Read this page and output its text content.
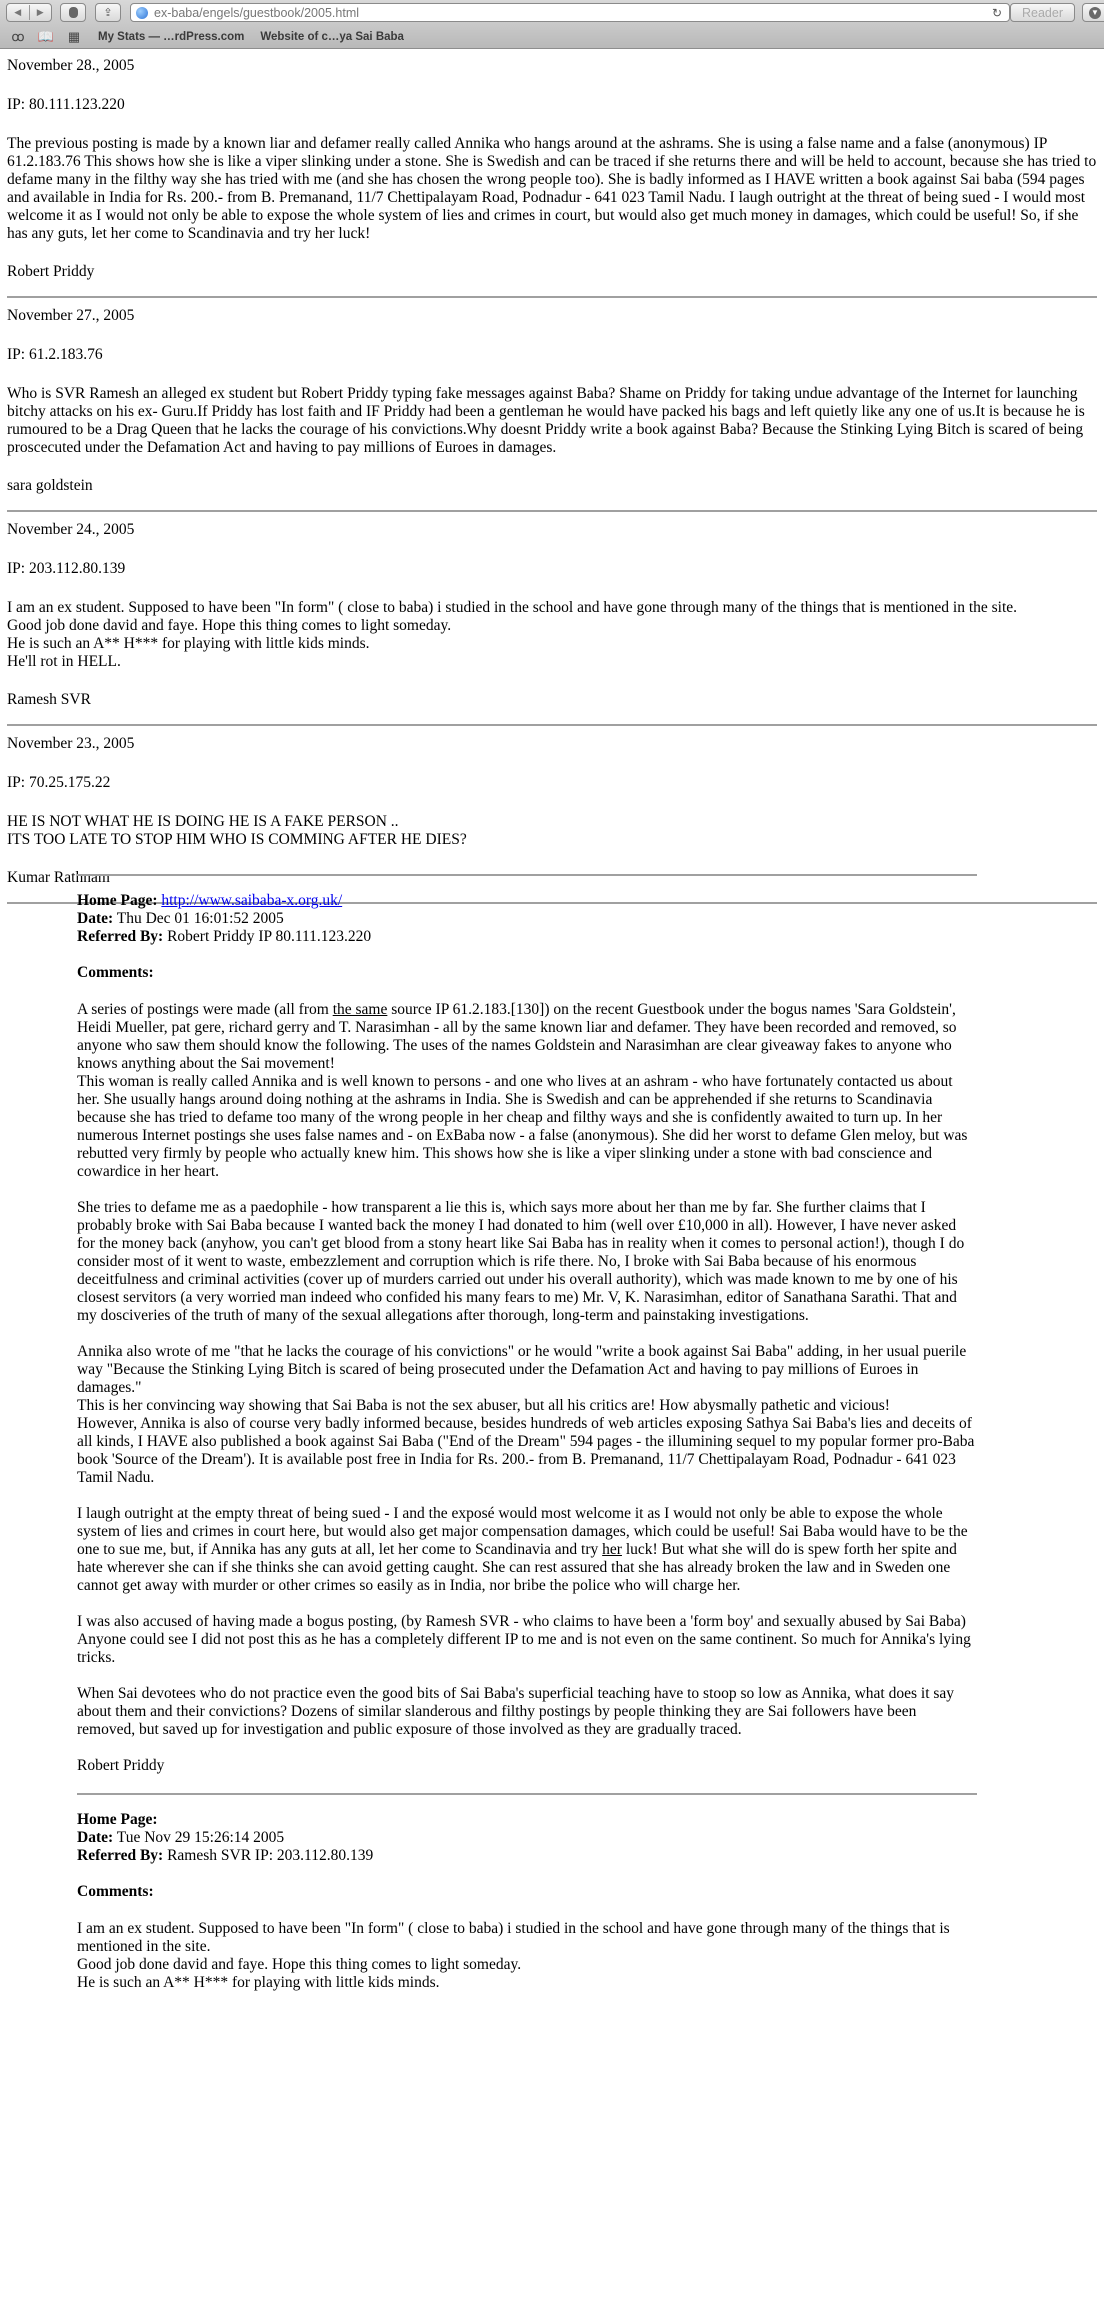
◀	▶	⇪	ex-baba/engels/guestbook/2005.html	↻	Reader	▼
ꝏ 📖 ▦	My Stats — …rdPress.com Website of c…ya Sai Baba

November 28., 2005

IP: 80.111.123.220

The previous posting is made by a known liar and defamer really called Annika who hangs around at the ashrams. She is using a false name and a false (anonymous) IP 61.2.183.76 This shows how she is like a viper slinking under a stone. She is Swedish and can be traced if she returns there and will be held to account, because she has tried to defame many in the filthy way she has tried with me (and she has chosen the wrong people too). She is badly informed as I HAVE written a book against Sai baba (594 pages and available in India for Rs. 200.- from B. Premanand, 11/7 Chettipalayam Road, Podnadur - 641 023 Tamil Nadu. I laugh outright at the threat of being sued - I would most welcome it as I would not only be able to expose the whole system of lies and crimes in court, but would also get much money in damages, which could be useful! So, if she has any guts, let her come to Scandinavia and try her luck!

Robert Priddy

November 27., 2005

IP: 61.2.183.76

Who is SVR Ramesh an alleged ex student but Robert Priddy typing fake messages against Baba? Shame on Priddy for taking undue advantage of the Internet for launching bitchy attacks on his ex- Guru.If Priddy has lost faith and IF Priddy had been a gentleman he would have packed his bags and left quietly like any one of us.It is because he is rumoured to be a Drag Queen that he lacks the courage of his convictions.Why doesnt Priddy write a book against Baba? Because the Stinking Lying Bitch is scared of being proscecuted under the Defamation Act and having to pay millions of Euroes in damages.

sara goldstein

November 24., 2005

IP: 203.112.80.139

I am an ex student. Supposed to have been "In form" ( close to baba) i studied in the school and have gone through many of the things that is mentioned in the site.
Good job done david and faye. Hope this thing comes to light someday.
He is such an A** H*** for playing with little kids minds.
He'll rot in HELL.

Ramesh SVR

November 23., 2005

IP: 70.25.175.22

HE IS NOT WHAT HE IS DOING HE IS A FAKE PERSON ..
ITS TOO LATE TO STOP HIM WHO IS COMMING AFTER HE DIES?

Kumar Rathnam

Home Page: http://www.saibaba-x.org.uk/
Date: Thu Dec 01 16:01:52 2005
Referred By: Robert Priddy IP 80.111.123.220
Comments:

A series of postings were made (all from the same source IP 61.2.183.[130]) on the recent Guestbook under the bogus names 'Sara Goldstein', Heidi Mueller, pat gere, richard gerry and T. Narasimhan - all by the same known liar and defamer. They have been recorded and removed, so anyone who saw them should know the following. The uses of the names Goldstein and Narasimhan are clear giveaway fakes to anyone who knows anything about the Sai movement!
This woman is really called Annika and is well known to persons - and one who lives at an ashram - who have fortunately contacted us about her. She usually hangs around doing nothing at the ashrams in India. She is Swedish and can be apprehended if she returns to Scandinavia because she has tried to defame too many of the wrong people in her cheap and filthy ways and she is confidently awaited to turn up. In her numerous Internet postings she uses false names and - on ExBaba now - a false (anonymous). She did her worst to defame Glen meloy, but was rebutted very firmly by people who actually knew him. This shows how she is like a viper slinking under a stone with bad conscience and cowardice in her heart.

She tries to defame me as a paedophile - how transparent a lie this is, which says more about her than me by far. She further claims that I probably broke with Sai Baba because I wanted back the money I had donated to him (well over £10,000 in all). However, I have never asked for the money back (anyhow, you can't get blood from a stony heart like Sai Baba has in reality when it comes to personal action!), though I do consider most of it went to waste, embezzlement and corruption which is rife there. No, I broke with Sai Baba because of his enormous deceitfulness and criminal activities (cover up of murders carried out under his overall authority), which was made known to me by one of his closest servitors (a very worried man indeed who confided his many fears to me) Mr. V, K. Narasimhan, editor of Sanathana Sarathi. That and my dosciveries of the truth of many of the sexual allegations after thorough, long-term and painstaking investigations.

Annika also wrote of me "that he lacks the courage of his convictions" or he would "write a book against Sai Baba" adding, in her usual puerile way "Because the Stinking Lying Bitch is scared of being prosecuted under the Defamation Act and having to pay millions of Euroes in damages."
This is her convincing way showing that Sai Baba is not the sex abuser, but all his critics are! How abysmally pathetic and vicious!
However, Annika is also of course very badly informed because, besides hundreds of web articles exposing Sathya Sai Baba's lies and deceits of all kinds, I HAVE also published a book against Sai Baba ("End of the Dream" 594 pages - the illumining sequel to my popular former pro-Baba book 'Source of the Dream'). It is available post free in India for Rs. 200.- from B. Premanand, 11/7 Chettipalayam Road, Podnadur - 641 023 Tamil Nadu.

I laugh outright at the empty threat of being sued - I and the exposé would most welcome it as I would not only be able to expose the whole system of lies and crimes in court here, but would also get major compensation damages, which could be useful! Sai Baba would have to be the one to sue me, but, if Annika has any guts at all, let her come to Scandinavia and try her luck! But what she will do is spew forth her spite and hate wherever she can if she thinks she can avoid getting caught. She can rest assured that she has already broken the law and in Sweden one cannot get away with murder or other crimes so easily as in India, nor bribe the police who will charge her.

I was also accused of having made a bogus posting, (by Ramesh SVR - who claims to have been a 'form boy' and sexually abused by Sai Baba) Anyone could see I did not post this as he has a completely different IP to me and is not even on the same continent. So much for Annika's lying tricks.

When Sai devotees who do not practice even the good bits of Sai Baba's superficial teaching have to stoop so low as Annika, what does it say about them and their convictions? Dozens of similar slanderous and filthy postings by people thinking they are Sai followers have been removed, but saved up for investigation and public exposure of those involved as they are gradually traced.

Robert Priddy

Home Page:
Date: Tue Nov 29 15:26:14 2005
Referred By: Ramesh SVR IP: 203.112.80.139
Comments:
I am an ex student. Supposed to have been "In form" ( close to baba) i studied in the school and have gone through many of the things that is mentioned in the site.
Good job done david and faye. Hope this thing comes to light someday.
He is such an A** H*** for playing with little kids minds.
